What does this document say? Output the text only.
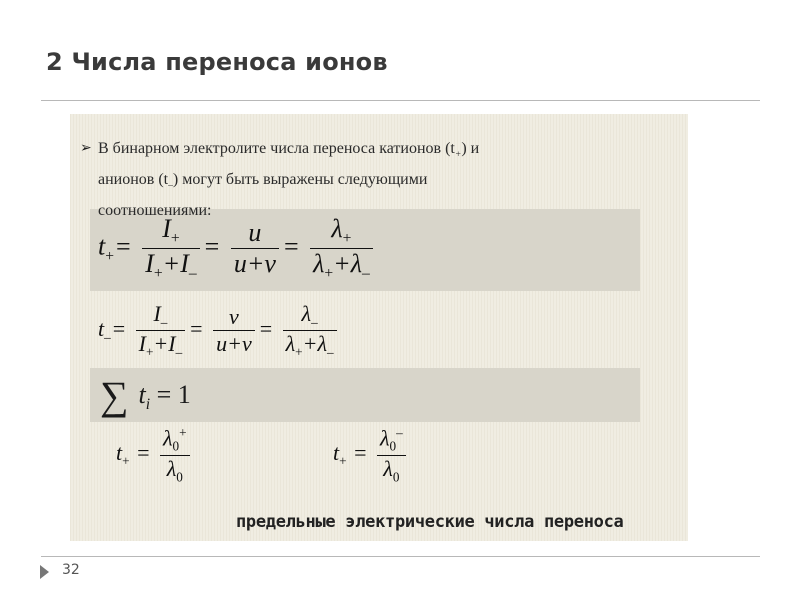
2 Числа переноса ионов
➢ В бинарном электролите числа переноса катионов $(t_+)$ и
анионов $(t_-)$ могут быть выражены следующими
соотношениями:
$t_+= \frac{I_+}{I_++I_-} = \frac{u}{u+v} = \frac{\lambda_+}{\lambda_++\lambda_-}$
$t_-= \frac{I_-}{I_++I_-} = \frac{v}{u+v} = \frac{\lambda_-}{\lambda_++\lambda_-}$
∑ $t_i = 1$
$t_+ = \frac{\lambda_0^+}{\lambda_0}$	$t_+ = \frac{\lambda_0^-}{\lambda_0}$
предельные электрические числа переноса
32
